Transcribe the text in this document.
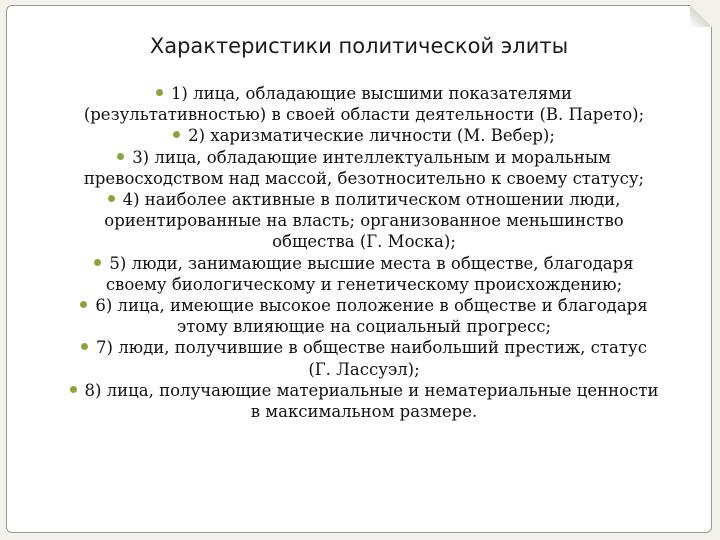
Характеристики политической элиты
1) лица, обладающие высшими показателями (результативностью) в своей области деятельности (В. Парето);
2) харизматические личности (М. Вебер);
3) лица, обладающие интеллектуальным и моральным превосходством над массой, безотносительно к своему статусу;
4) наиболее активные в политическом отношении люди, ориентированные на власть; организованное меньшинство общества (Г. Моска);
5) люди, занимающие высшие места в обществе, благодаря своему биологическому и генетическому происхождению;
6) лица, имеющие высокое положение в обществе и благодаря этому влияющие на социальный прогресс;
7) люди, получившие в обществе наибольший престиж, статус (Г. Лассуэл);
8) лица, получающие материальные и нематериальные ценности в максимальном размере.
